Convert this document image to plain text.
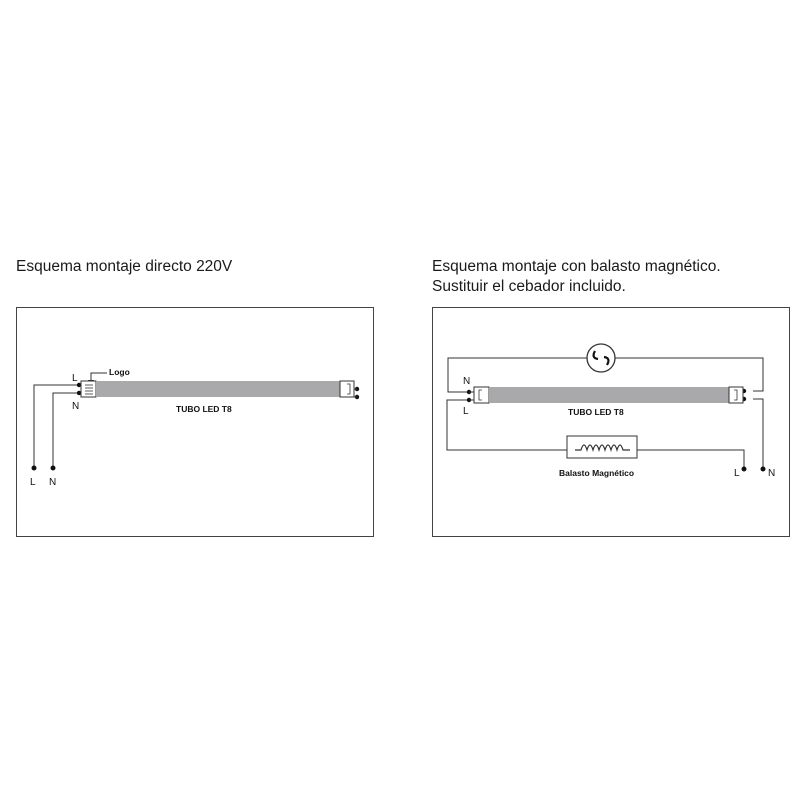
Esquema montaje directo 220V	Esquema montaje con balasto magnético.

Sustituir el cebador incluido.

L
N
Logo
TUBO LED T8
L N
N
L	TUBO LED T8
Balasto Magnético	L	N
